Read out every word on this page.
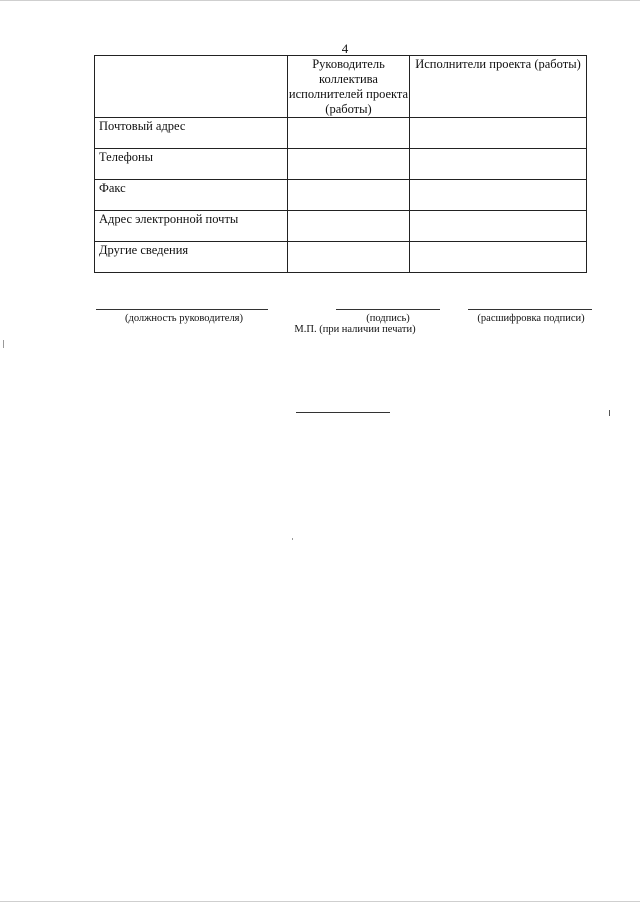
4
	Руководитель коллектива исполнителей проекта (работы)	Исполнители проекта (работы)
Почтовый адрес		
Телефоны		
Факс		
Адрес электронной почты		
Другие сведения		
(должность руководителя)	(подпись)	(расшифровка подписи)
М.П. (при наличии печати)
